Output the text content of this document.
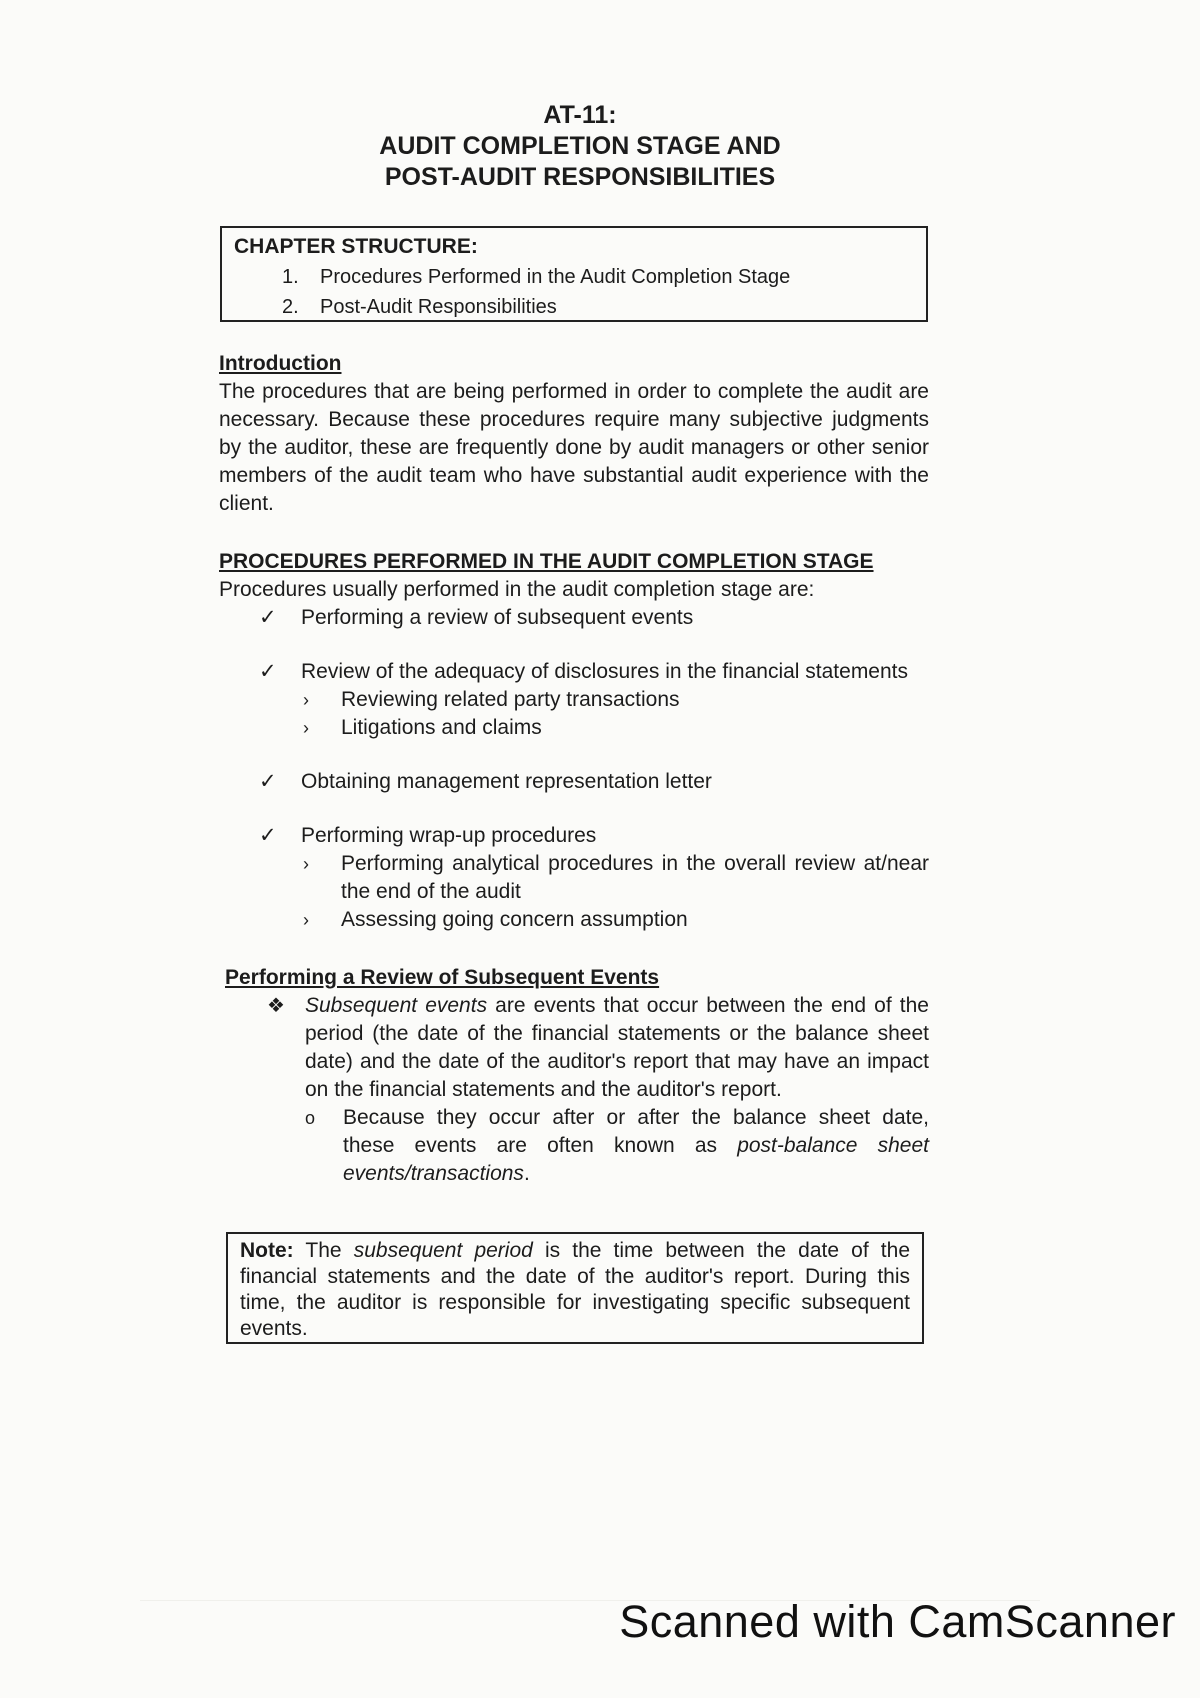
AT-11:
AUDIT COMPLETION STAGE AND
POST-AUDIT RESPONSIBILITIES
CHAPTER STRUCTURE:
1. Procedures Performed in the Audit Completion Stage
2. Post-Audit Responsibilities
Introduction

The procedures that are being performed in order to complete the audit are necessary. Because these procedures require many subjective judgments by the auditor, these are frequently done by audit managers or other senior members of the audit team who have substantial audit experience with the client.

PROCEDURES PERFORMED IN THE AUDIT COMPLETION STAGE

Procedures usually performed in the audit completion stage are:

✓ Performing a review of subsequent events

✓ Review of the adequacy of disclosures in the financial statements

› Reviewing related party transactions

› Litigations and claims

✓ Obtaining management representation letter

✓ Performing wrap-up procedures

› Performing analytical procedures in the overall review at/near the end of the audit

› Assessing going concern assumption

Performing a Review of Subsequent Events

❖ Subsequent events are events that occur between the end of the period (the date of the financial statements or the balance sheet date) and the date of the auditor's report that may have an impact on the financial statements and the auditor's report.

o Because they occur after or after the balance sheet date, these events are often known as post-balance sheet events/transactions.

Note: The subsequent period is the time between the date of the financial statements and the date of the auditor's report. During this time, the auditor is responsible for investigating specific subsequent events.
Scanned with CamScanner
